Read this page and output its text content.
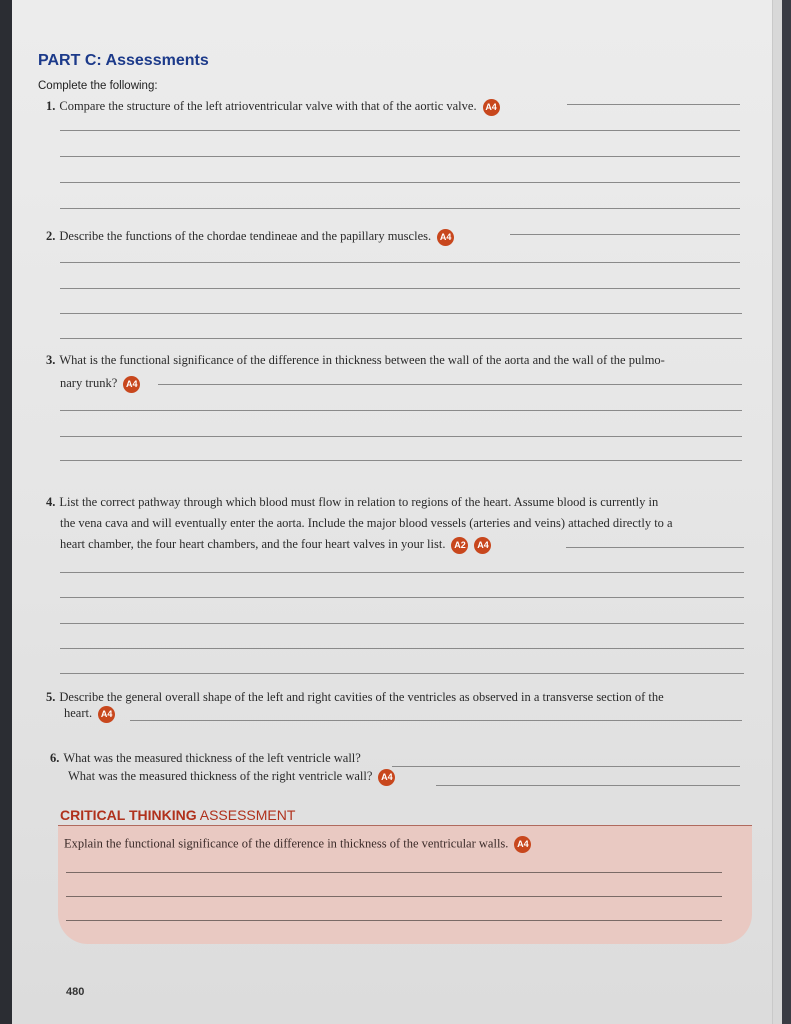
PART C: Assessments
Complete the following:
1. Compare the structure of the left atrioventricular valve with that of the aortic valve. A4
2. Describe the functions of the chordae tendineae and the papillary muscles. A4
3. What is the functional significance of the difference in thickness between the wall of the aorta and the wall of the pulmo-
nary trunk? A4
4. List the correct pathway through which blood must flow in relation to regions of the heart. Assume blood is currently in
the vena cava and will eventually enter the aorta. Include the major blood vessels (arteries and veins) attached directly to a
heart chamber, the four heart chambers, and the four heart valves in your list. A2 A4
5. Describe the general overall shape of the left and right cavities of the ventricles as observed in a transverse section of the
heart. A4
6. What was the measured thickness of the left ventricle wall?
What was the measured thickness of the right ventricle wall? A4
CRITICAL THINKING ASSESSMENT
Explain the functional significance of the difference in thickness of the ventricular walls. A4
480
